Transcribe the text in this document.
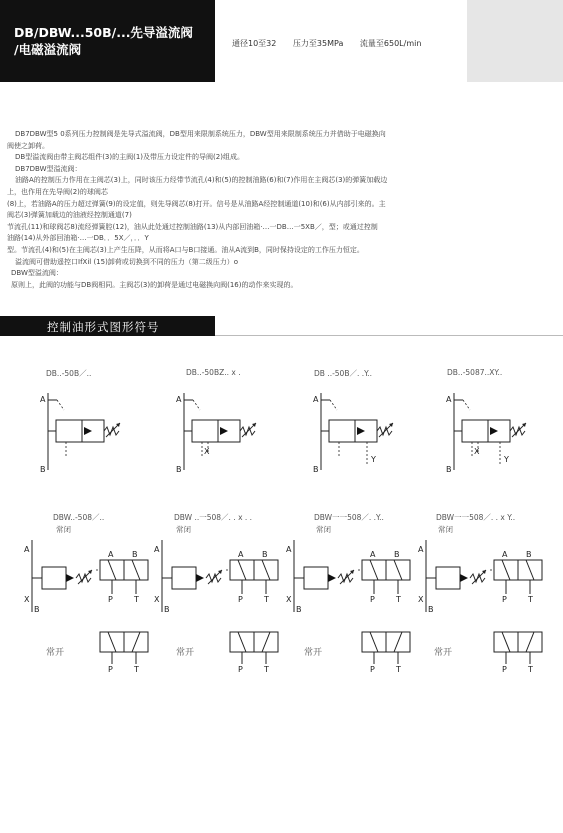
DB/DBW...50B/...先导溢流阀
/电磁溢流阀	通径10至32 压力至35MPa 流量至650L/min

DB7DBW型5 0系列压力控制阀是先导式溢流阀，DB型用来限制系统压力，DBW型用来限制系统压力并借助于电磁换向

阀使之卸荷。

DB型溢流阀由带主阀芯组件(3)的主阀(1)及带压力设定件的导阀(2)组成。

DB7DBW型溢流阀：

油路A的控制压力作用在主阀芯(3)上，同时该压力经带节流孔(4)和(5)的控制油路(6)和(7)作用在主阀芯(3)的弹簧加载边

上，也作用在先导阀(2)的球阀芯

(8)上，若油路A的压力超过弹簧(9)的设定值，则先导阀芯(8)打开。信号是从油路A经控制通道(10)和(6)从内部引来的。主

阀芯(3)弹簧加载边的油液经控制通道(7)

节流孔(11)和球阀芯8)流经弹簧腔(12)，油从此处通过控制油路(13)从内部回油箱·…一DB…一5XB／，型；或通过控制

油路(14)从外部回油箱·…一DB．．5X／，．．Y

型。节流孔(4)和(5)在主阀芯(3)上产生压降，从而将A口与B口接通。油从A流到B，同时保持设定的工作压力恒定。

溢流阀可借助遥控口IfXil (15)卸荷或切换到不同的压力（第二级压力）o

DBW型溢流阀：

原则上，此阀的功能与DB阀相同。主阀芯(3)的卸荷是通过电磁换向阀(16)的动作来实现的。

控制油形式图形符号
DB..-50B／..	DB..-50BZ.. x .	DB ..-50B／. .Y..	DB..-5087..XY..
DBW..-508／..
常闭
DBW ..一508／. . x . .
常闭
DBW一一508／. .Y..
常闭
DBW一一508／. . x Y..
常闭
常开	常开	常开	常开
A
B
A
B
X
A
B
Y
A
B
X
Y
A
X
B
P	T
A B
P	T
A
X
B
P	T
A B
P	T
A
X
B
P	T
A B
P	T
A
X
B
P	T
A B
P	T
